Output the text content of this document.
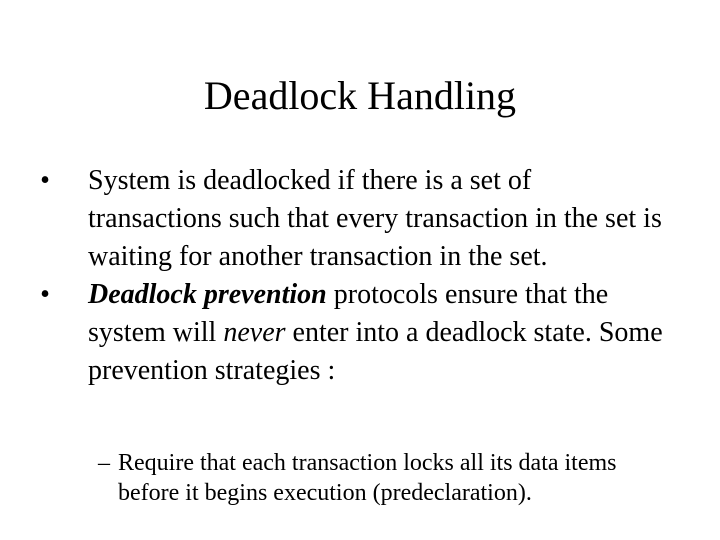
Deadlock Handling
•	System is deadlocked if there is a set of transactions such that every transaction in the set is waiting for another transaction in the set.
•	Deadlock prevention protocols ensure that the system will never enter into a deadlock state. Some prevention strategies :
– Require that each transaction locks all its data items before it begins execution (predeclaration).
